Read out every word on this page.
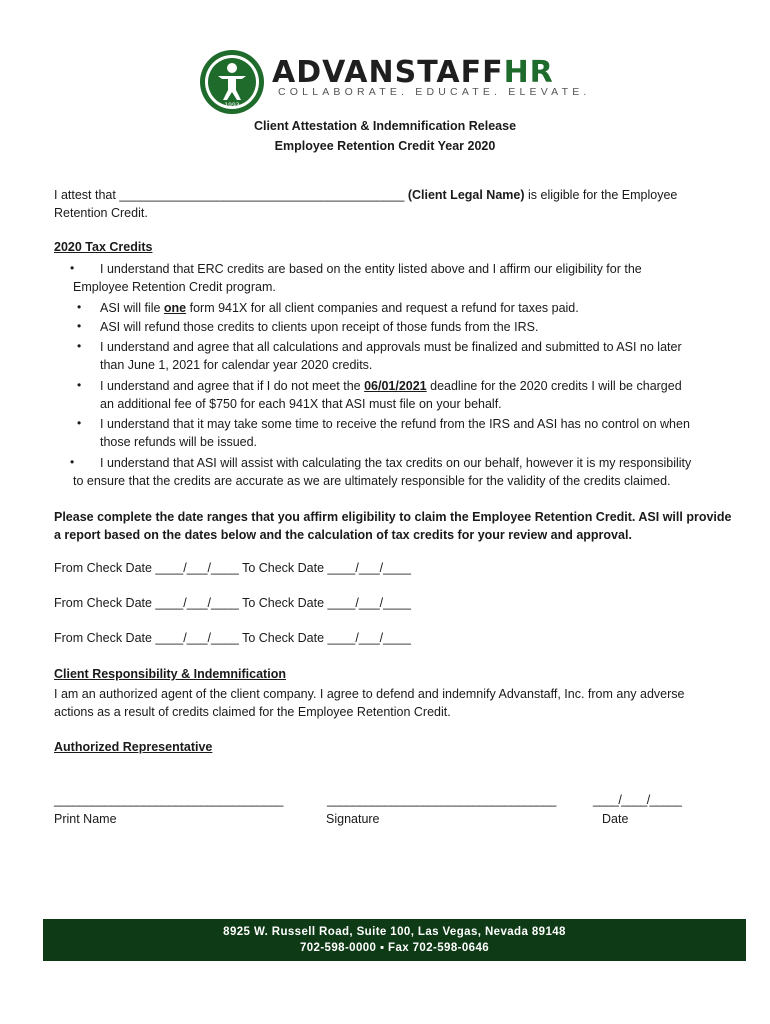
1993
ADVANSTAFFHR
COLLABORATE. EDUCATE. ELEVATE.
Client Attestation & Indemnification Release
Employee Retention Credit Year 2020
I attest that _________________________________________ (Client Legal Name) is eligible for the Employee
Retention Credit.
2020 Tax Credits
•	I understand that ERC credits are based on the entity listed above and I affirm our eligibility for the
Employee Retention Credit program.
• ASI will file one form 941X for all client companies and request a refund for taxes paid.
• ASI will refund those credits to clients upon receipt of those funds from the IRS.
• I understand and agree that all calculations and approvals must be finalized and submitted to ASI no later
than June 1, 2021 for calendar year 2020 credits.
• I understand and agree that if I do not meet the 06/01/2021 deadline for the 2020 credits I will be charged
an additional fee of $750 for each 941X that ASI must file on your behalf.
• I understand that it may take some time to receive the refund from the IRS and ASI has no control on when
those refunds will be issued.
•	I understand that ASI will assist with calculating the tax credits on our behalf, however it is my responsibility
to ensure that the credits are accurate as we are ultimately responsible for the validity of the credits claimed.
Please complete the date ranges that you affirm eligibility to claim the Employee Retention Credit. ASI will provide
a report based on the dates below and the calculation of tax credits for your review and approval.
From Check Date ____/___/____ To Check Date ____/___/____
From Check Date ____/___/____ To Check Date ____/___/____
From Check Date ____/___/____ To Check Date ____/___/____
Client Responsibility & Indemnification
I am an authorized agent of the client company. I agree to defend and indemnify Advanstaff, Inc. from any adverse
actions as a result of credits claimed for the Employee Retention Credit.
Authorized Representative
____________________________________	____________________________________	____/____/_____
Print Name	Signature	Date
8925 W. Russell Road, Suite 100, Las Vegas, Nevada 89148
702-598-0000 ▪ Fax 702-598-0646
